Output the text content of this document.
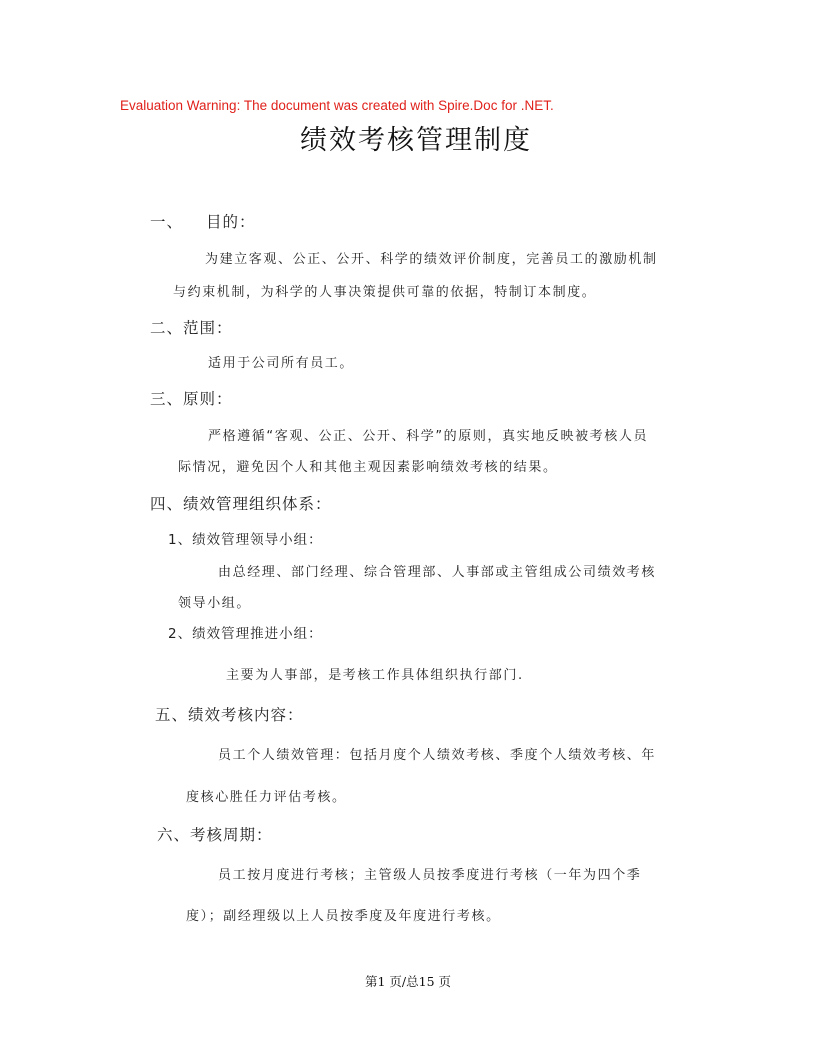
Evaluation Warning: The document was created with Spire.Doc for .NET.
绩效考核管理制度
一、 目的：
为建立客观、公正、公开、科学的绩效评价制度，完善员工的激励机制
与约束机制，为科学的人事决策提供可靠的依据，特制订本制度。
二、范围：
适用于公司所有员工。
三、原则：
严格遵循“客观、公正、公开、科学”的原则，真实地反映被考核人员
际情况，避免因个人和其他主观因素影响绩效考核的结果。
四、绩效管理组织体系：
1、绩效管理领导小组：
由总经理、部门经理、综合管理部、人事部或主管组成公司绩效考核
领导小组。
2、绩效管理推进小组：
主要为人事部，是考核工作具体组织执行部门.
五、绩效考核内容：
员工个人绩效管理：包括月度个人绩效考核、季度个人绩效考核、年
度核心胜任力评估考核。
六、考核周期：
员工按月度进行考核；主管级人员按季度进行考核（一年为四个季
度）；副经理级以上人员按季度及年度进行考核。
第1 页/总15 页
